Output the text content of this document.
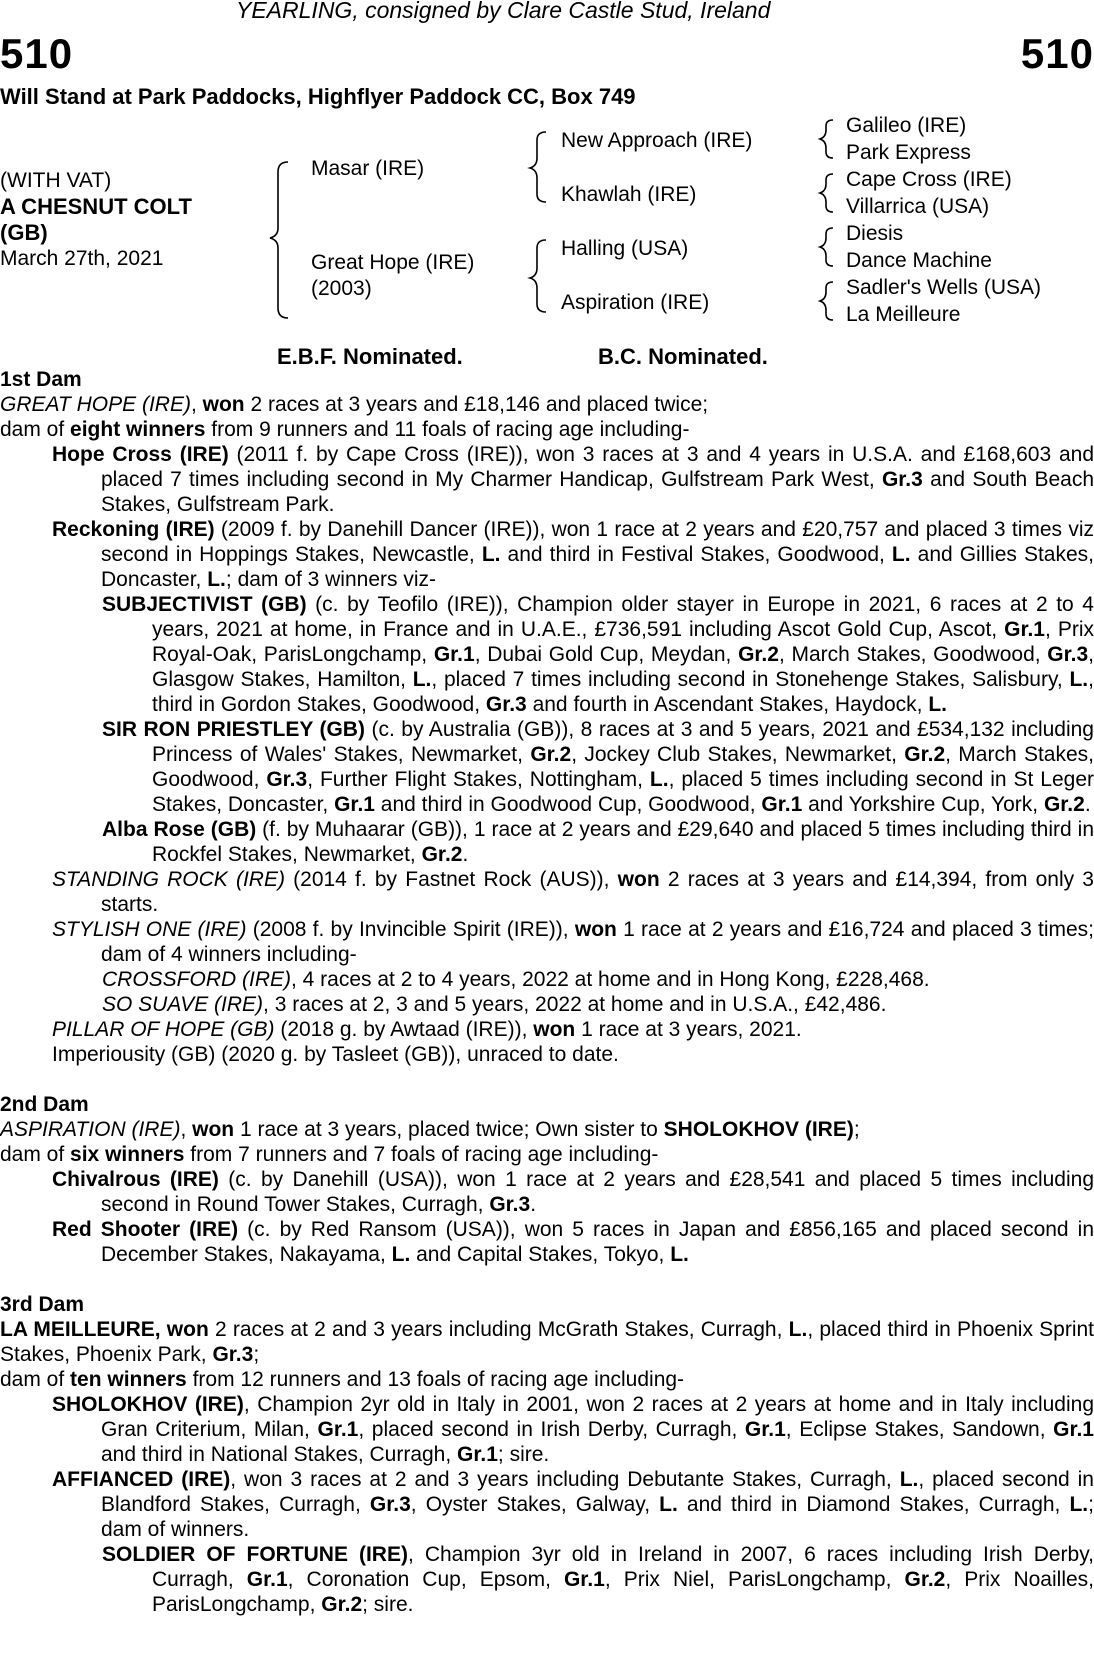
YEARLING, consigned by Clare Castle Stud, Ireland
510	510
Will Stand at Park Paddocks, Highflyer Paddock CC, Box 749
(WITH VAT)
A CHESNUT COLT
(GB)
March 27th, 2021
Masar (IRE)
Great Hope (IRE)
(2003)
New Approach (IRE)
Khawlah (IRE)
Halling (USA)
Aspiration (IRE)
Galileo (IRE)
Park Express
Cape Cross (IRE)
Villarrica (USA)
Diesis
Dance Machine
Sadler's Wells (USA)
La Meilleure
E.B.F. Nominated.	B.C. Nominated.

1st Dam

GREAT HOPE (IRE), won 2 races at 3 years and £18,146 and placed twice;

dam of eight winners from 9 runners and 11 foals of racing age including-

Hope Cross (IRE) (2011 f. by Cape Cross (IRE)), won 3 races at 3 and 4 years in U.S.A. and £168,603 and placed 7 times including second in My Charmer Handicap, Gulfstream Park West, Gr.3 and South Beach Stakes, Gulfstream Park.

Reckoning (IRE) (2009 f. by Danehill Dancer (IRE)), won 1 race at 2 years and £20,757 and placed 3 times viz second in Hoppings Stakes, Newcastle, L. and third in Festival Stakes, Goodwood, L. and Gillies Stakes, Doncaster, L.; dam of 3 winners viz-

SUBJECTIVIST (GB) (c. by Teofilo (IRE)), Champion older stayer in Europe in 2021, 6 races at 2 to 4 years, 2021 at home, in France and in U.A.E., £736,591 including Ascot Gold Cup, Ascot, Gr.1, Prix Royal-Oak, ParisLongchamp, Gr.1, Dubai Gold Cup, Meydan, Gr.2, March Stakes, Goodwood, Gr.3, Glasgow Stakes, Hamilton, L., placed 7 times including second in Stonehenge Stakes, Salisbury, L., third in Gordon Stakes, Goodwood, Gr.3 and fourth in Ascendant Stakes, Haydock, L.

SIR RON PRIESTLEY (GB) (c. by Australia (GB)), 8 races at 3 and 5 years, 2021 and £534,132 including Princess of Wales' Stakes, Newmarket, Gr.2, Jockey Club Stakes, Newmarket, Gr.2, March Stakes, Goodwood, Gr.3, Further Flight Stakes, Nottingham, L., placed 5 times including second in St Leger Stakes, Doncaster, Gr.1 and third in Goodwood Cup, Goodwood, Gr.1 and Yorkshire Cup, York, Gr.2.

Alba Rose (GB) (f. by Muhaarar (GB)), 1 race at 2 years and £29,640 and placed 5 times including third in Rockfel Stakes, Newmarket, Gr.2.

STANDING ROCK (IRE) (2014 f. by Fastnet Rock (AUS)), won 2 races at 3 years and £14,394, from only 3 starts.

STYLISH ONE (IRE) (2008 f. by Invincible Spirit (IRE)), won 1 race at 2 years and £16,724 and placed 3 times; dam of 4 winners including-

CROSSFORD (IRE), 4 races at 2 to 4 years, 2022 at home and in Hong Kong, £228,468.

SO SUAVE (IRE), 3 races at 2, 3 and 5 years, 2022 at home and in U.S.A., £42,486.

PILLAR OF HOPE (GB) (2018 g. by Awtaad (IRE)), won 1 race at 3 years, 2021.

Imperiousity (GB) (2020 g. by Tasleet (GB)), unraced to date.

2nd Dam

ASPIRATION (IRE), won 1 race at 3 years, placed twice; Own sister to SHOLOKHOV (IRE);

dam of six winners from 7 runners and 7 foals of racing age including-

Chivalrous (IRE) (c. by Danehill (USA)), won 1 race at 2 years and £28,541 and placed 5 times including second in Round Tower Stakes, Curragh, Gr.3.

Red Shooter (IRE) (c. by Red Ransom (USA)), won 5 races in Japan and £856,165 and placed second in December Stakes, Nakayama, L. and Capital Stakes, Tokyo, L.

3rd Dam

LA MEILLEURE, won 2 races at 2 and 3 years including McGrath Stakes, Curragh, L., placed third in Phoenix Sprint Stakes, Phoenix Park, Gr.3;

dam of ten winners from 12 runners and 13 foals of racing age including-

SHOLOKHOV (IRE), Champion 2yr old in Italy in 2001, won 2 races at 2 years at home and in Italy including Gran Criterium, Milan, Gr.1, placed second in Irish Derby, Curragh, Gr.1, Eclipse Stakes, Sandown, Gr.1 and third in National Stakes, Curragh, Gr.1; sire.

AFFIANCED (IRE), won 3 races at 2 and 3 years including Debutante Stakes, Curragh, L., placed second in Blandford Stakes, Curragh, Gr.3, Oyster Stakes, Galway, L. and third in Diamond Stakes, Curragh, L.; dam of winners.

SOLDIER OF FORTUNE (IRE), Champion 3yr old in Ireland in 2007, 6 races including Irish Derby, Curragh, Gr.1, Coronation Cup, Epsom, Gr.1, Prix Niel, ParisLongchamp, Gr.2, Prix Noailles, ParisLongchamp, Gr.2; sire.
